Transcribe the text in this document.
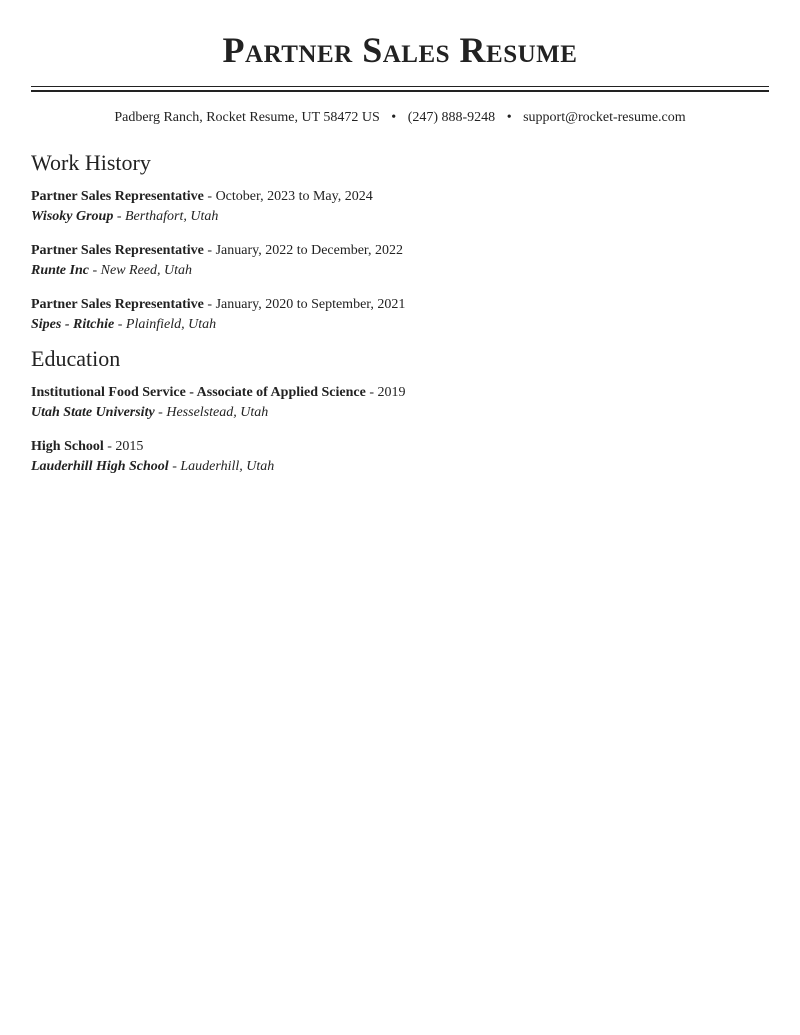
Partner Sales Resume
Padberg Ranch, Rocket Resume, UT 58472 US • (247) 888-9248 • support@rocket-resume.com
Work History
Partner Sales Representative - October, 2023 to May, 2024
Wisoky Group - Berthafort, Utah
Partner Sales Representative - January, 2022 to December, 2022
Runte Inc - New Reed, Utah
Partner Sales Representative - January, 2020 to September, 2021
Sipes - Ritchie - Plainfield, Utah
Education
Institutional Food Service - Associate of Applied Science - 2019
Utah State University - Hesselstead, Utah
High School - 2015
Lauderhill High School - Lauderhill, Utah
